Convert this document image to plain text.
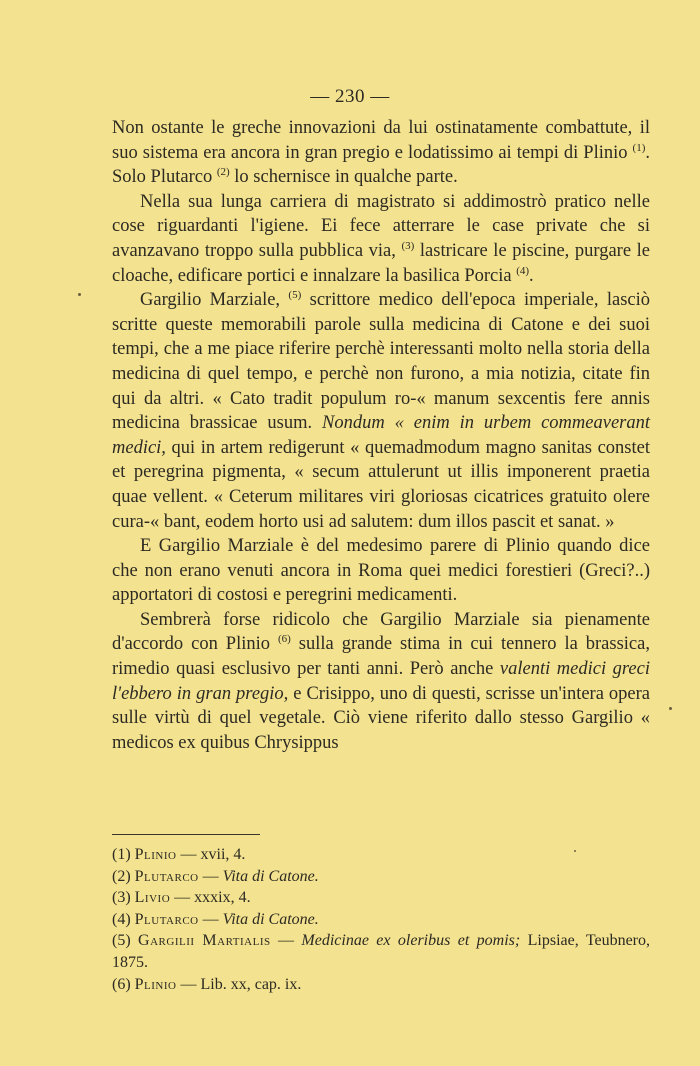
— 230 —

Non ostante le greche innovazioni da lui ostinatamente combattute, il suo sistema era ancora in gran pregio e lodatissimo ai tempi di Plinio $^{(1)}$. Solo Plutarco $^{(2)}$ lo schernisce in qualche parte.

Nella sua lunga carriera di magistrato si addimostrò pratico nelle cose riguardanti l'igiene. Ei fece atterrare le case private che si avanzavano troppo sulla pubblica via, $^{(3)}$ lastricare le piscine, purgare le cloache, edificare portici e innalzare la basilica Porcia $^{(4)}$.

Gargilio Marziale, $^{(5)}$ scrittore medico dell'epoca imperiale, lasciò scritte queste memorabili parole sulla medicina di Catone e dei suoi tempi, che a me piace riferire perchè interessanti molto nella storia della medicina di quel tempo, e perchè non furono, a mia notizia, citate fin qui da altri. « Cato tradit populum ro-« manum sexcentis fere annis medicina brassicae usum. Nondum « enim in urbem commeaverant medici, qui in artem redigerunt « quemadmodum magno sanitas constet et peregrina pigmenta, « secum attulerunt ut illis imponerent praetia quae vellent. « Ceterum militares viri gloriosas cicatrices gratuito olere cura-« bant, eodem horto usi ad salutem: dum illos pascit et sanat. »

E Gargilio Marziale è del medesimo parere di Plinio quando dice che non erano venuti ancora in Roma quei medici forestieri (Greci?..) apportatori di costosi e peregrini medicamenti.

Sembrerà forse ridicolo che Gargilio Marziale sia pienamente d'accordo con Plinio $^{(6)}$ sulla grande stima in cui tennero la brassica, rimedio quasi esclusivo per tanti anni. Però anche valenti medici greci l'ebbero in gran pregio, e Crisippo, uno di questi, scrisse un'intera opera sulle virtù di quel vegetale. Ciò viene riferito dallo stesso Gargilio « medicos ex quibus Chrysippus

(1) Plinio — xvii, 4.
(2) Plutarco — Vita di Catone.
(3) Livio — xxxix, 4.
(4) Plutarco — Vita di Catone.
(5) Gargilii Martialis — Medicinae ex oleribus et pomis; Lipsiae, Teubnero, 1875.
(6) Plinio — Lib. xx, cap. ix.
